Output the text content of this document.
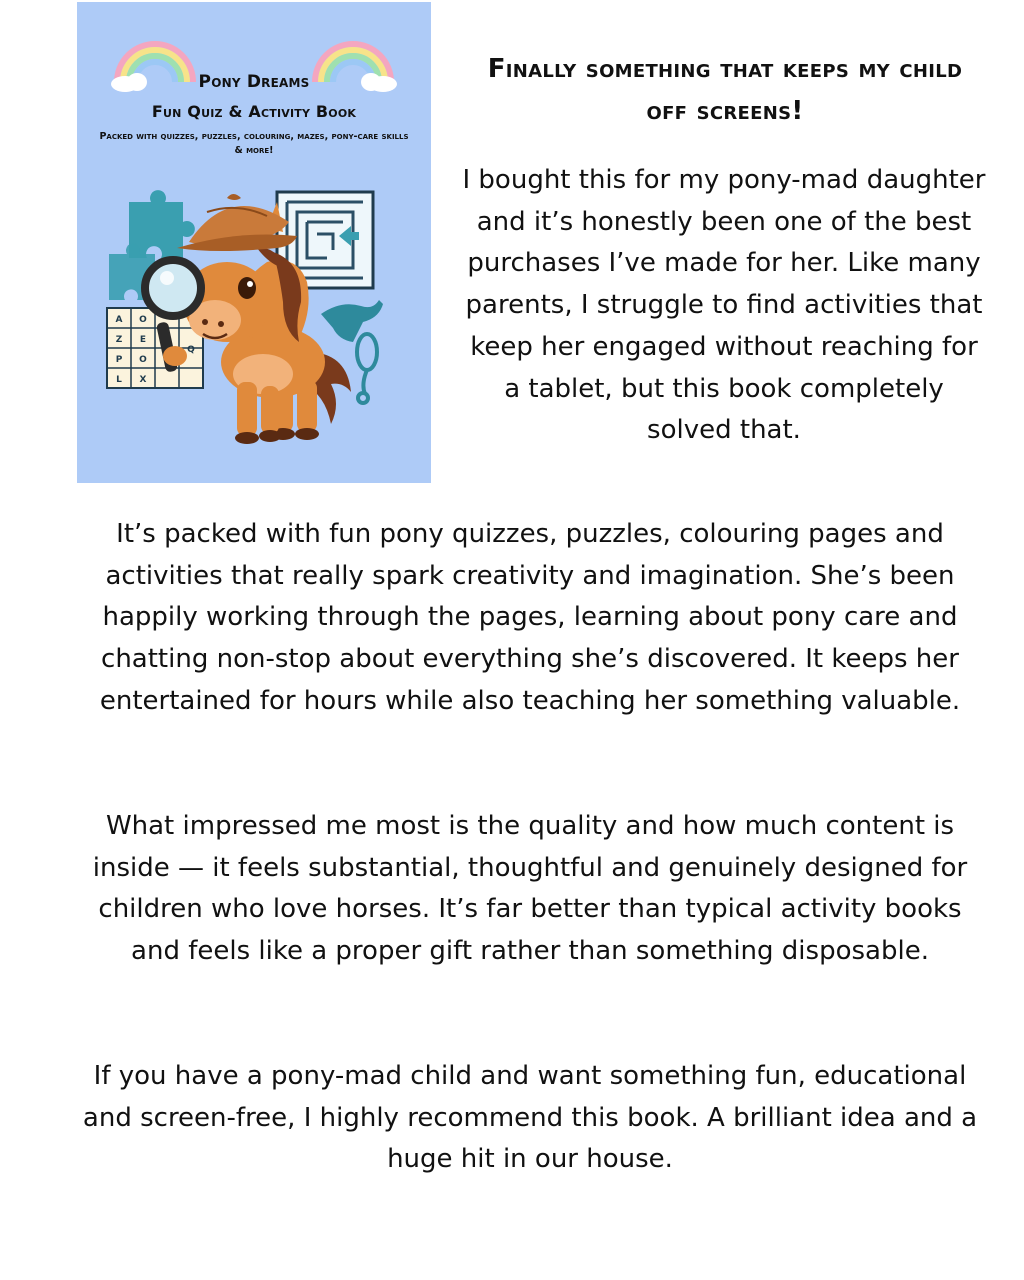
A O
Z E
P O
L X
Q
Pony Dreams
Fun Quiz & Activity Book
Packed with quizzes, puzzles, colouring, mazes, pony-care skills & more!
Finally something that keeps my child off screens!

I bought this for my pony-mad daughter and it’s honestly been one of the best purchases I’ve made for her. Like many parents, I struggle to find activities that keep her engaged without reaching for a tablet, but this book completely solved that.

It’s packed with fun pony quizzes, puzzles, colouring pages and activities that really spark creativity and imagination. She’s been happily working through the pages, learning about pony care and chatting non-stop about everything she’s discovered. It keeps her entertained for hours while also teaching her something valuable.

What impressed me most is the quality and how much content is inside — it feels substantial, thoughtful and genuinely designed for children who love horses. It’s far better than typical activity books and feels like a proper gift rather than something disposable.

If you have a pony-mad child and want something fun, educational and screen-free, I highly recommend this book. A brilliant idea and a huge hit in our house.
